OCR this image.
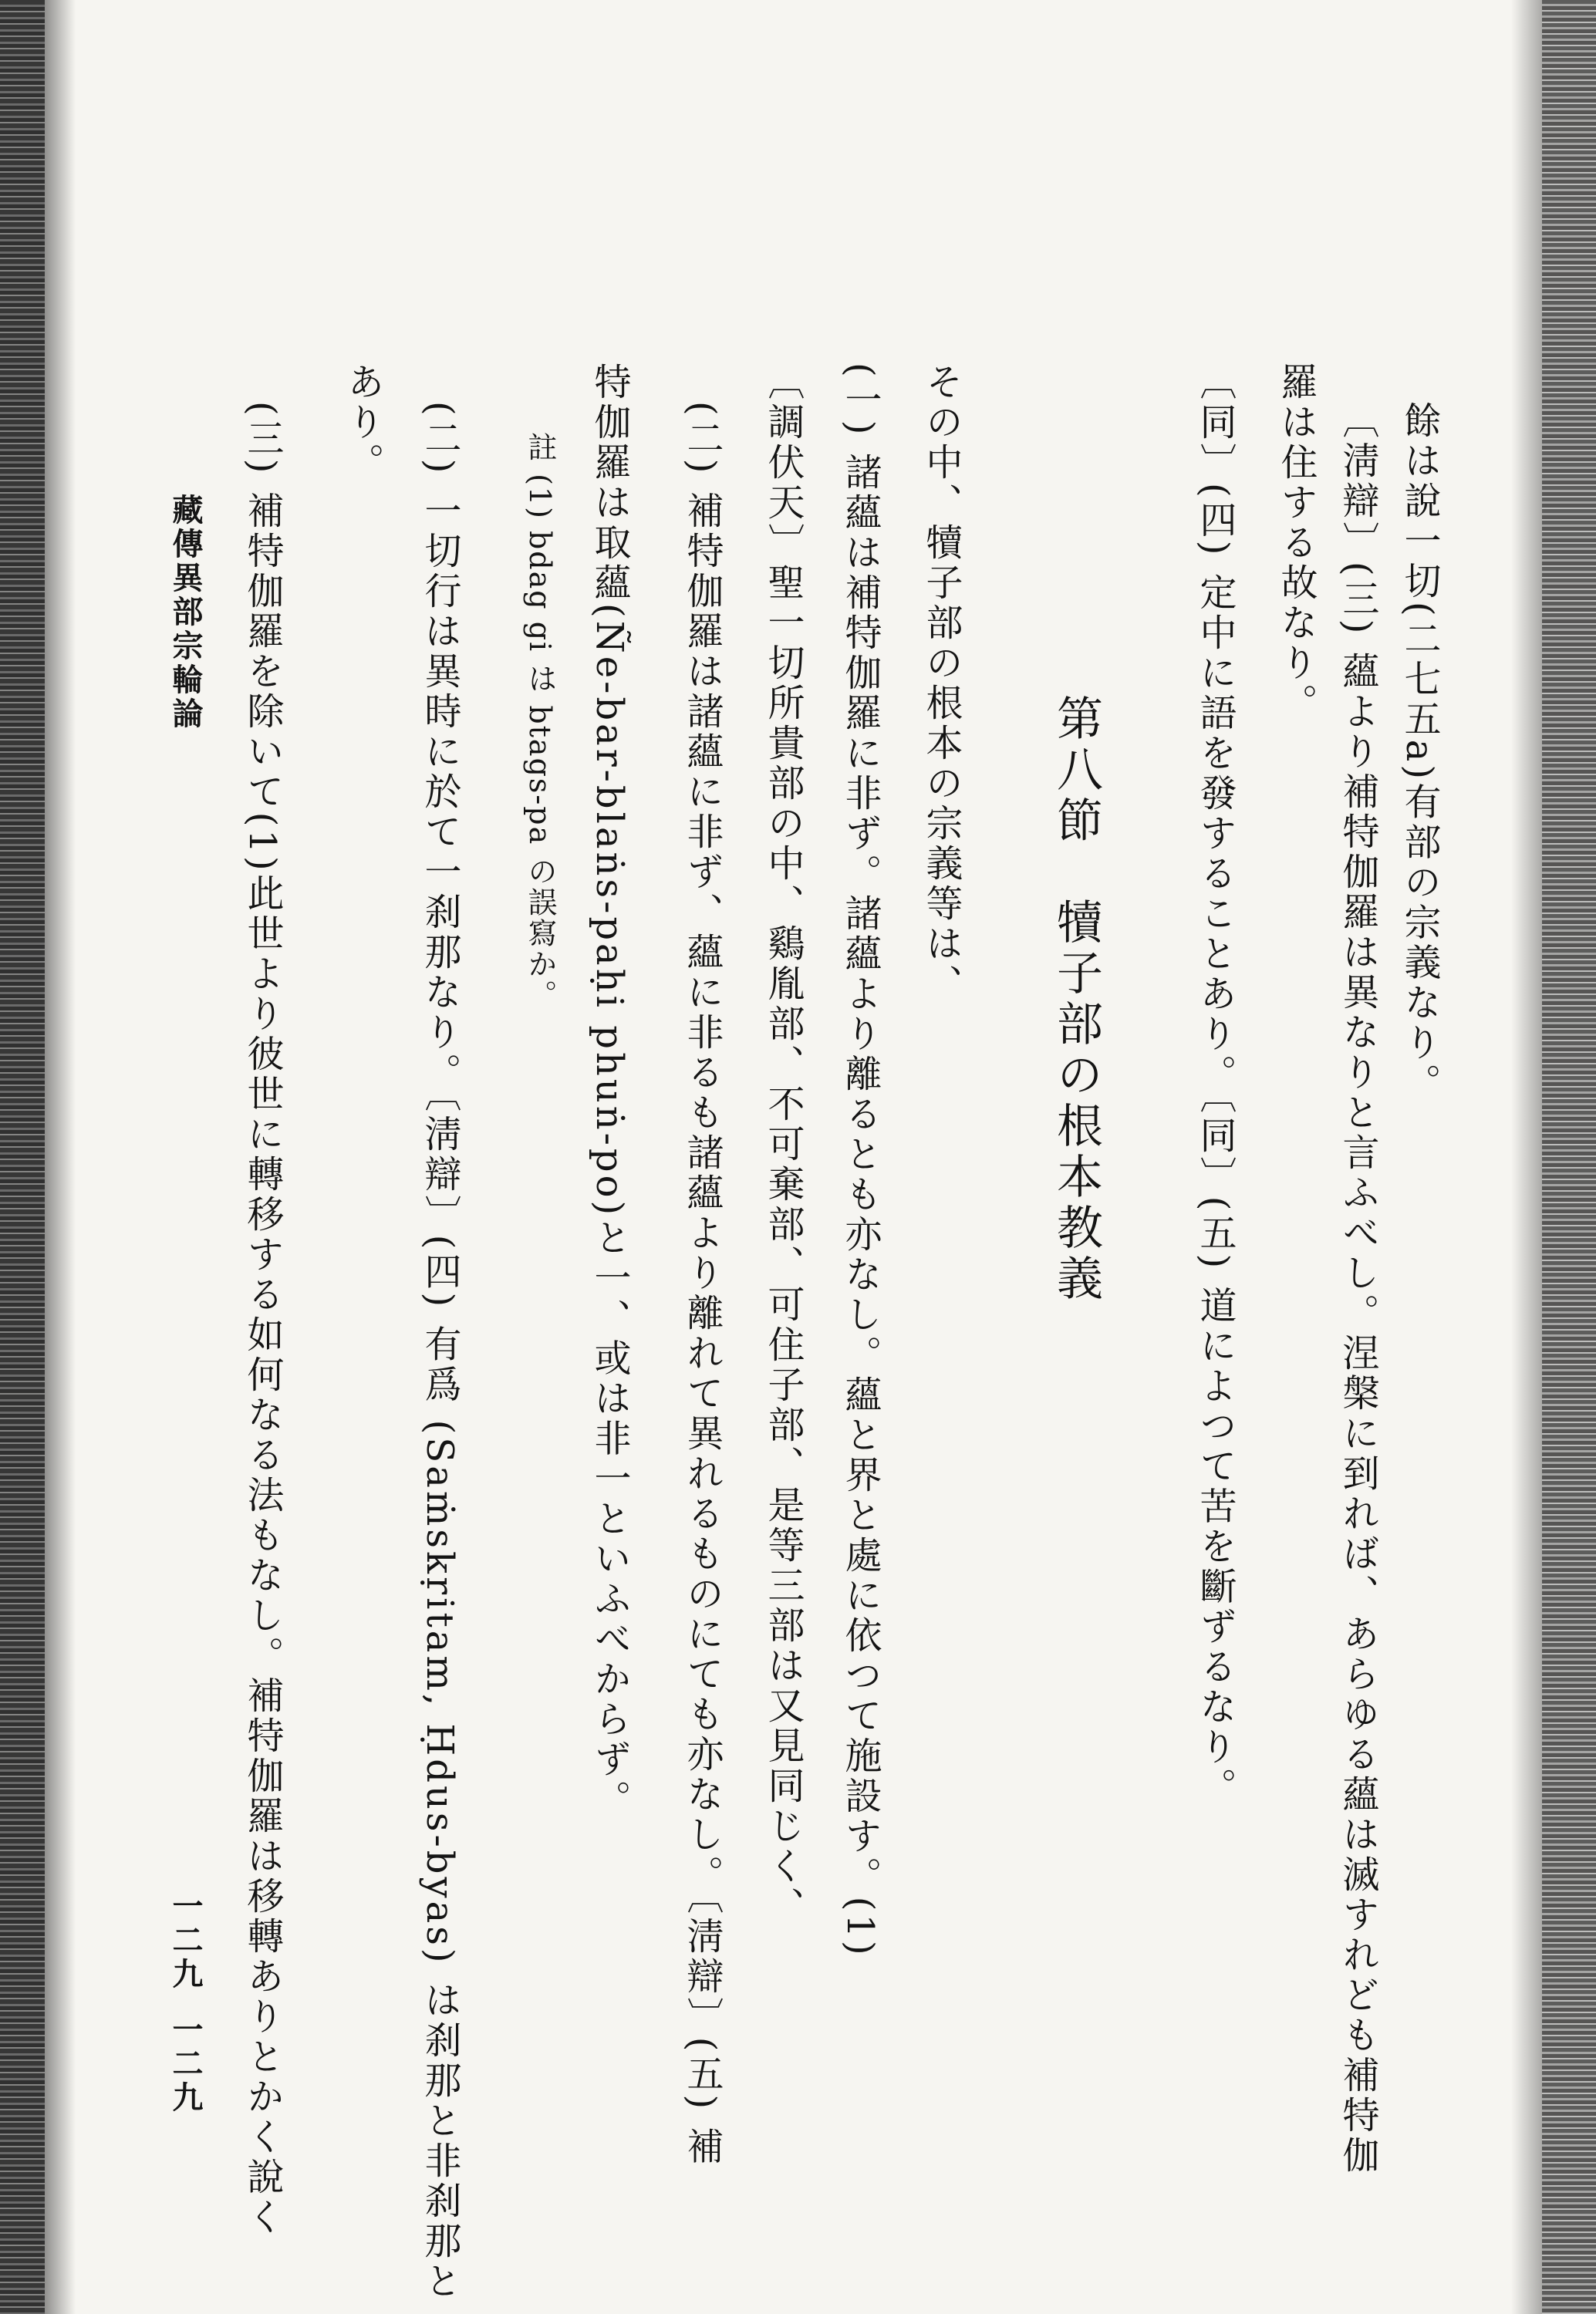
餘は說一切(二七五a)有部の宗義なり。
〔淸辯〕(三) 蘊より補特伽羅は異なりと言ふべし。涅槃に到れば、あらゆる蘊は滅すれども補特伽
羅は住する故なり。
〔同〕(四) 定中に語を發することあり。〔同〕(五) 道によつて苦を斷ずるなり。
第八節　犢子部の根本教義
その中、犢子部の根本の宗義等は、
(一) 諸蘊は補特伽羅に非ず。諸蘊より離るとも亦なし。蘊と界と處に依つて施設す。(1)
〔調伏天〕聖一切所貴部の中、鷄胤部、不可棄部、可住子部、是等三部は又見同じく、
(二) 補特伽羅は諸蘊に非ず、蘊に非るも諸蘊より離れて異れるものにても亦なし。〔淸辯〕(五) 補
特伽羅は取蘊(Ñe-bar-blaṅs-paḥi phuṅ-po)と一、或は非一といふべからず。
註 (1) bdag gi は btags-pa の誤寫か。
(二) 一切行は異時に於て一刹那なり。〔淸辯〕(四) 有爲 (Saṁskṛitam, Ḥdus-byas) は刹那と非刹那と
あり。
(三) 補特伽羅を除いて(1)此世より彼世に轉移する如何なる法もなし。補特伽羅は移轉ありとかく說く
藏傳異部宗輪論
一二九
一二九
